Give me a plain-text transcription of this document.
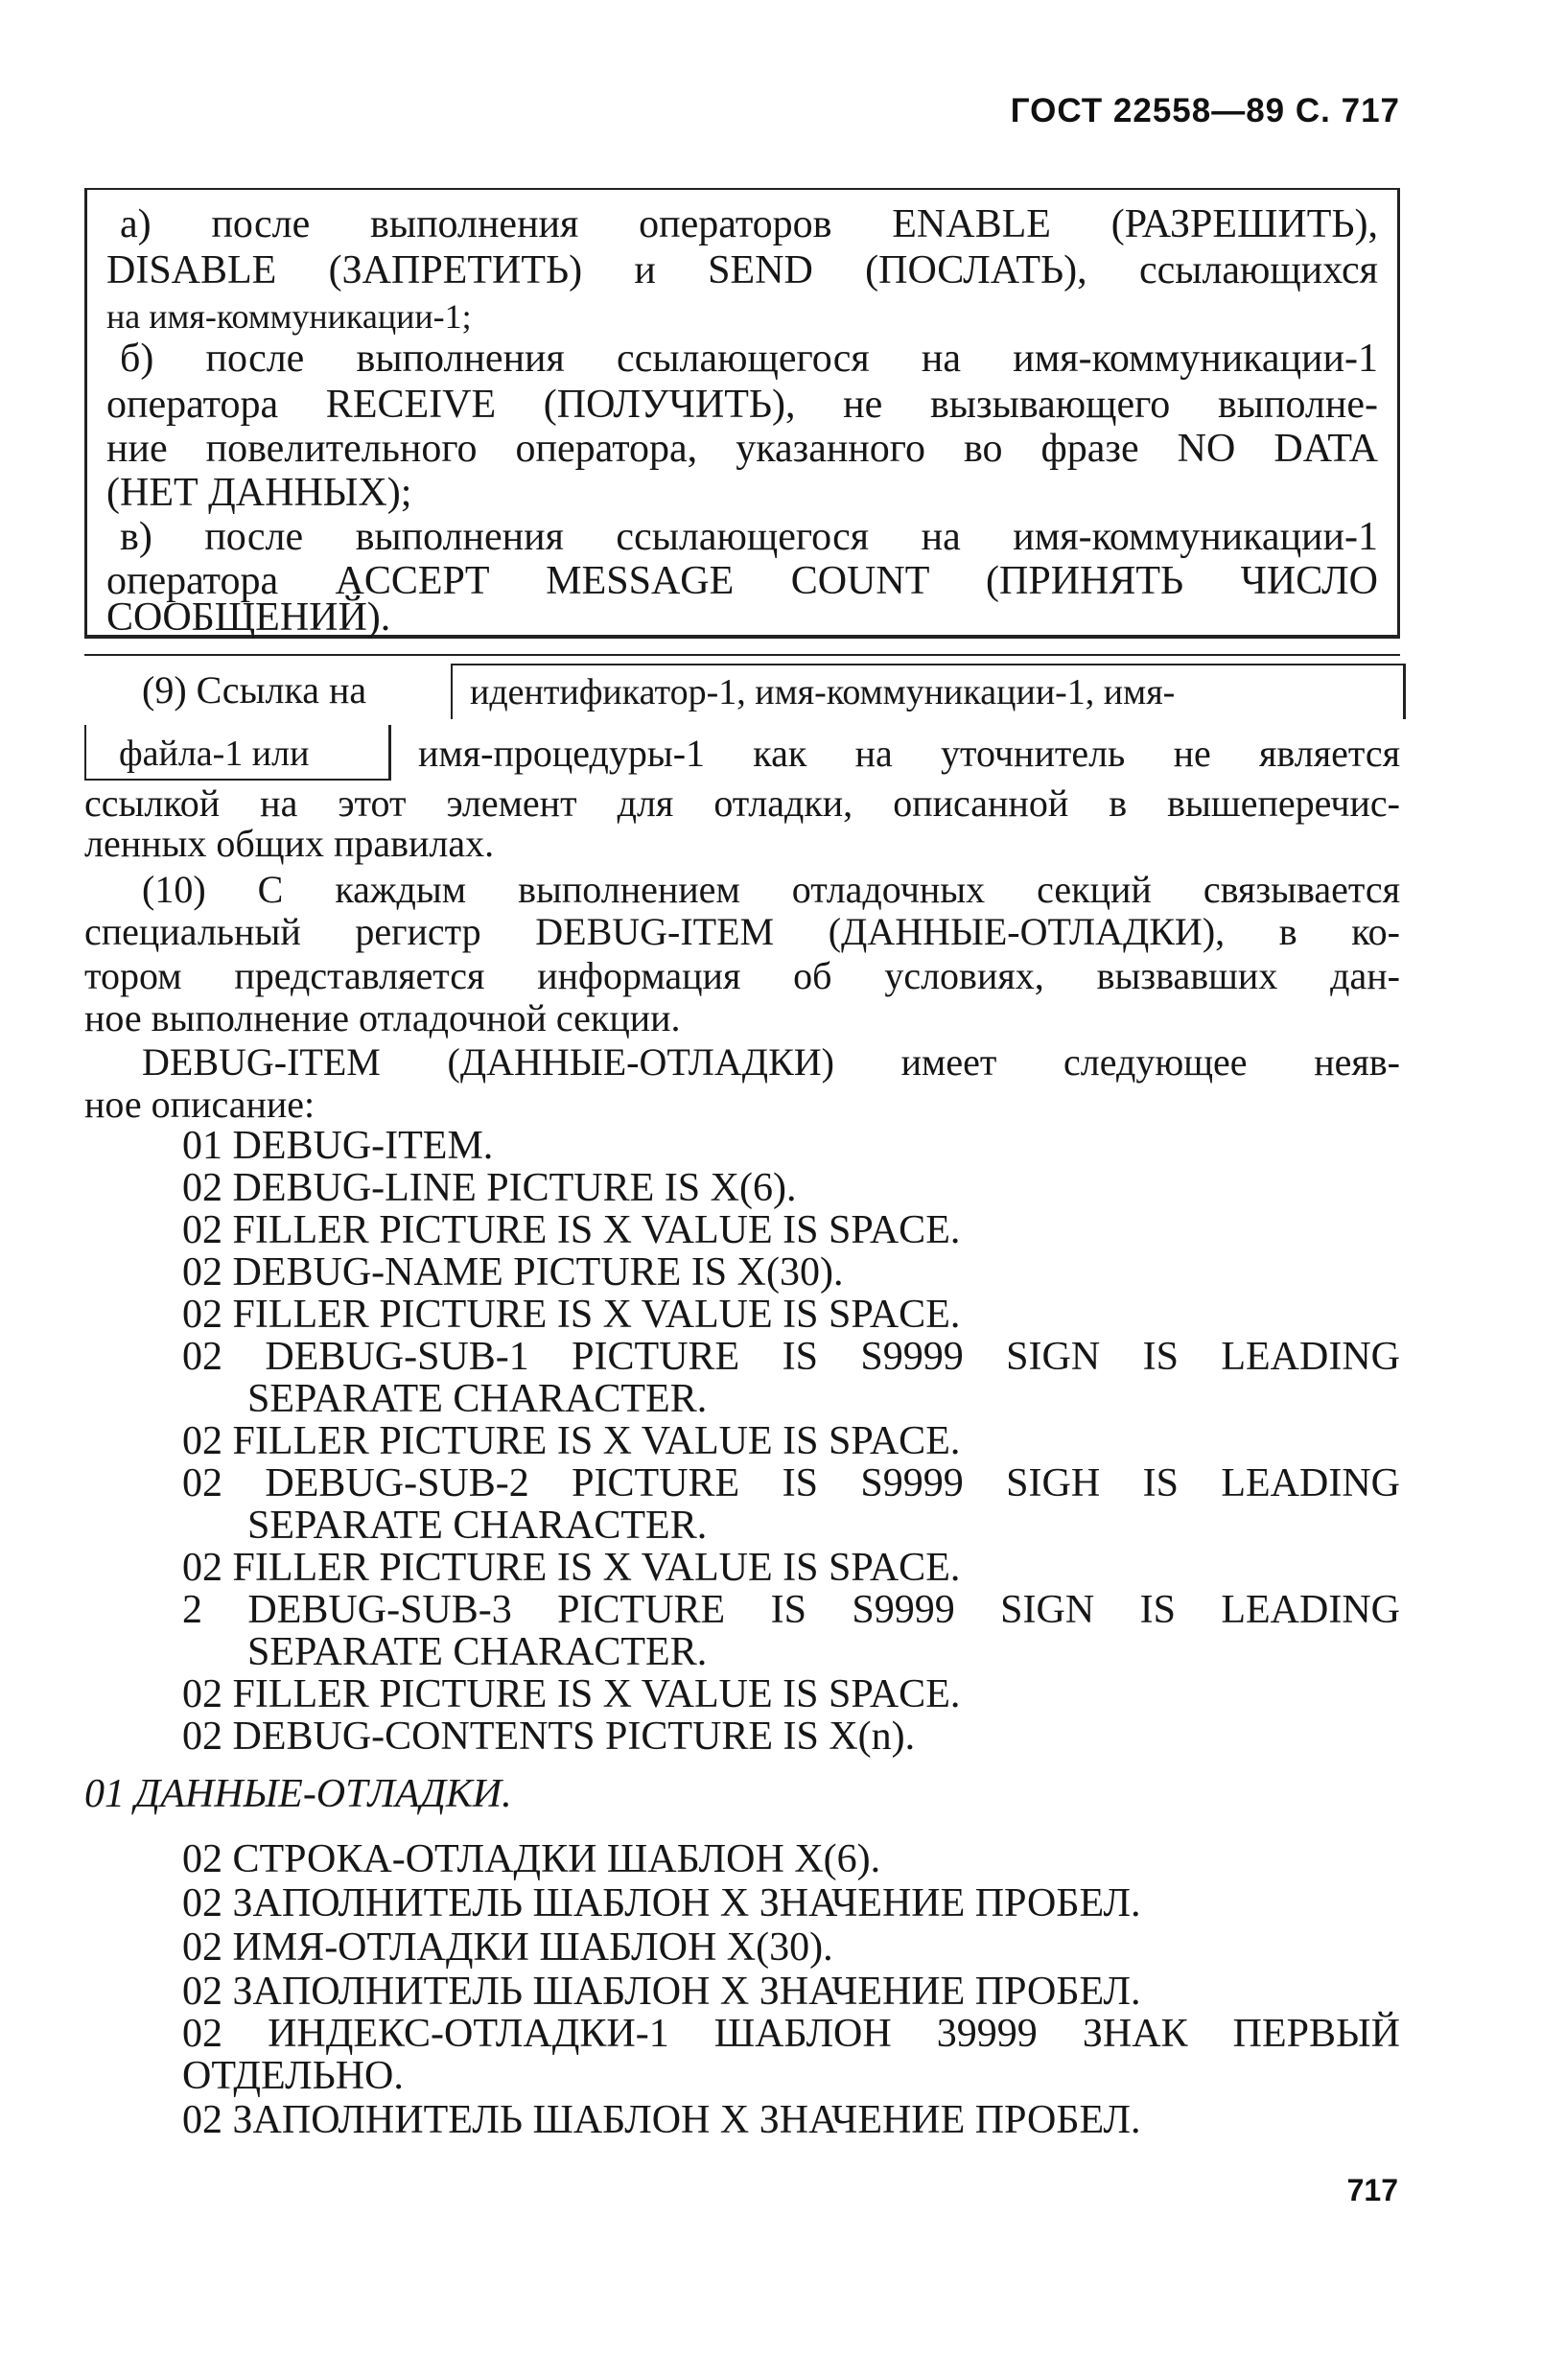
ГОСТ 22558—89 С. 717
а) после выполнения операторов ENABLE (РАЗРЕШИТЬ),
DISABLE (ЗАПРЕТИТЬ) и SEND (ПОСЛАТЬ), ссылающихся
на имя-коммуникации-1;
б) после выполнения ссылающегося на имя-коммуникации-1
оператора RECEIVE (ПОЛУЧИТЬ), не вызывающего выполне-
ние повелительного оператора, указанного во фразе NO DATA
(НЕТ ДАННЫХ);
в) после выполнения ссылающегося на имя-коммуникации-1
оператора ACCEPT MESSAGE COUNT (ПРИНЯТЬ ЧИСЛО
СООБЩЕНИЙ).
(9) Ссылка на	идентификатор-1, имя-коммуникации-1, имя-
файла-1 или	имя-процедуры-1 как на уточнитель не является
ссылкой на этот элемент для отладки, описанной в вышеперечис-
ленных общих правилах.
(10) С каждым выполнением отладочных секций связывается
специальный регистр DEBUG-ITEM (ДАННЫЕ-ОТЛАДКИ), в ко-
тором представляется информация об условиях, вызвавших дан-
ное выполнение отладочной секции.
DEBUG-ITEM (ДАННЫЕ-ОТЛАДКИ) имеет следующее неяв-
ное описание:
01 DEBUG-ITEM.
02 DEBUG-LINE PICTURE IS X(6).
02 FILLER PICTURE IS X VALUE IS SPACE.
02 DEBUG-NAME PICTURE IS X(30).
02 FILLER PICTURE IS X VALUE IS SPACE.
02 DEBUG-SUB-1 PICTURE IS S9999 SIGN IS LEADING
SEPARATE CHARACTER.
02 FILLER PICTURE IS X VALUE IS SPACE.
02 DEBUG-SUB-2 PICTURE IS S9999 SIGH IS LEADING
SEPARATE CHARACTER.
02 FILLER PICTURE IS X VALUE IS SPACE.
2 DEBUG-SUB-3 PICTURE IS S9999 SIGN IS LEADING
SEPARATE CHARACTER.
02 FILLER PICTURE IS X VALUE IS SPACE.
02 DEBUG-CONTENTS PICTURE IS X(n).
01 ДАННЫЕ-ОТЛАДКИ.
02 СТРОКА-ОТЛАДКИ ШАБЛОН X(6).
02 ЗАПОЛНИТЕЛЬ ШАБЛОН X ЗНАЧЕНИЕ ПРОБЕЛ.
02 ИМЯ-ОТЛАДКИ ШАБЛОН X(30).
02 ЗАПОЛНИТЕЛЬ ШАБЛОН X ЗНАЧЕНИЕ ПРОБЕЛ.
02 ИНДЕКС-ОТЛАДКИ-1 ШАБЛОН 39999 ЗНАК ПЕРВЫЙ
ОТДЕЛЬНО.
02 ЗАПОЛНИТЕЛЬ ШАБЛОН X ЗНАЧЕНИЕ ПРОБЕЛ.
717
